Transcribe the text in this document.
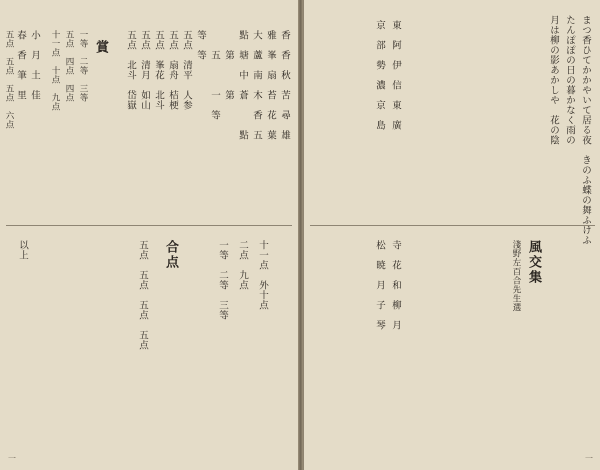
香　香　秋　苦　尋　雄
雅　峯　扇　苔　花　葉
大　蘆　南　木　香　五
點　塘　中　蒼　　　點
　　第　　　第
　　五　　　一　等
等　等
五点　清平　人参
五点　扇舟　桔梗
五点　峯花　北斗
五点　清月　如山
五点　北斗　岱嶽
賞
一等　二等　三等
五点　四点　四点
十一点　十点　九点
小　月　土　佳
春　香　筆　里
五点　五点　五点　六点
合点	十一点　外十点
二点　九点
一等　二等　三等
五点　五点　五点　五点
以上
一
まつ香ひてかかやいて居る夜　きのふ蝶の舞ふけふ
たんぽぽの日の暮かなく雨の
月は柳の影あかしや　花の陰
風交集
淺野左百合先生選
東　阿　伊　信　東　廣
京　部　勢　濃　京　島
寺　花　和　柳　月
松　暁　月　子　琴
一
